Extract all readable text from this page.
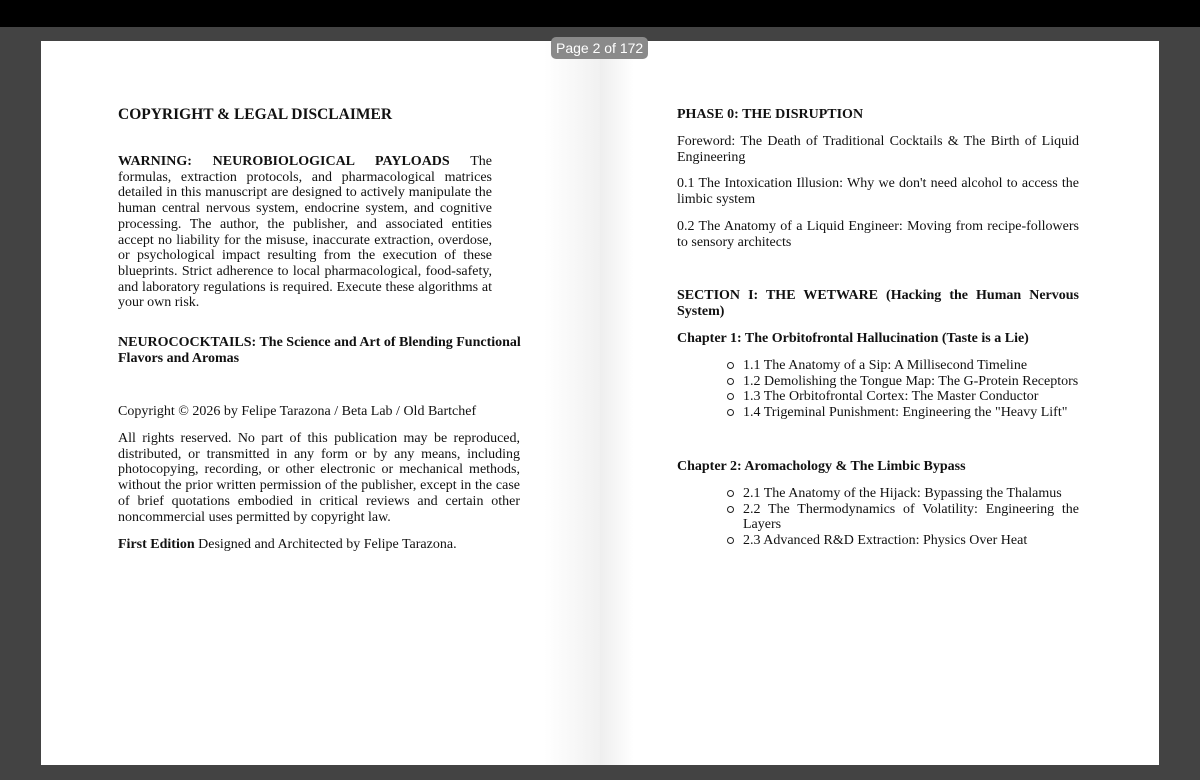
Page 2 of 172
COPYRIGHT & LEGAL DISCLAIMER
WARNING: NEUROBIOLOGICAL PAYLOADS The formulas, extraction protocols, and pharmacological matrices detailed in this manuscript are designed to actively manipulate the human central nervous system, endocrine system, and cognitive processing. The author, the publisher, and associated entities accept no liability for the misuse, inaccurate extraction, overdose, or psychological impact resulting from the execution of these blueprints. Strict adherence to local pharmacological, food-safety, and laboratory regulations is required. Execute these algorithms at your own risk.
NEUROCOCKTAILS: The Science and Art of Blending Functional Flavors and Aromas
Copyright © 2026 by Felipe Tarazona / Beta Lab / Old Bartchef
All rights reserved. No part of this publication may be reproduced, distributed, or transmitted in any form or by any means, including photocopying, recording, or other electronic or mechanical methods, without the prior written permission of the publisher, except in the case of brief quotations embodied in critical reviews and certain other noncommercial uses permitted by copyright law.
First Edition Designed and Architected by Felipe Tarazona.
PHASE 0: THE DISRUPTION
Foreword: The Death of Traditional Cocktails & The Birth of Liquid Engineering
0.1 The Intoxication Illusion: Why we don't need alcohol to access the limbic system
0.2 The Anatomy of a Liquid Engineer: Moving from recipe-followers to sensory architects
SECTION I: THE WETWARE (Hacking the Human Nervous System)
Chapter 1: The Orbitofrontal Hallucination (Taste is a Lie)
1.1 The Anatomy of a Sip: A Millisecond Timeline
1.2 Demolishing the Tongue Map: The G-Protein Receptors
1.3 The Orbitofrontal Cortex: The Master Conductor
1.4 Trigeminal Punishment: Engineering the "Heavy Lift"
Chapter 2: Aromachology & The Limbic Bypass
2.1 The Anatomy of the Hijack: Bypassing the Thalamus
2.2 The Thermodynamics of Volatility: Engineering the Layers
2.3 Advanced R&D Extraction: Physics Over Heat
